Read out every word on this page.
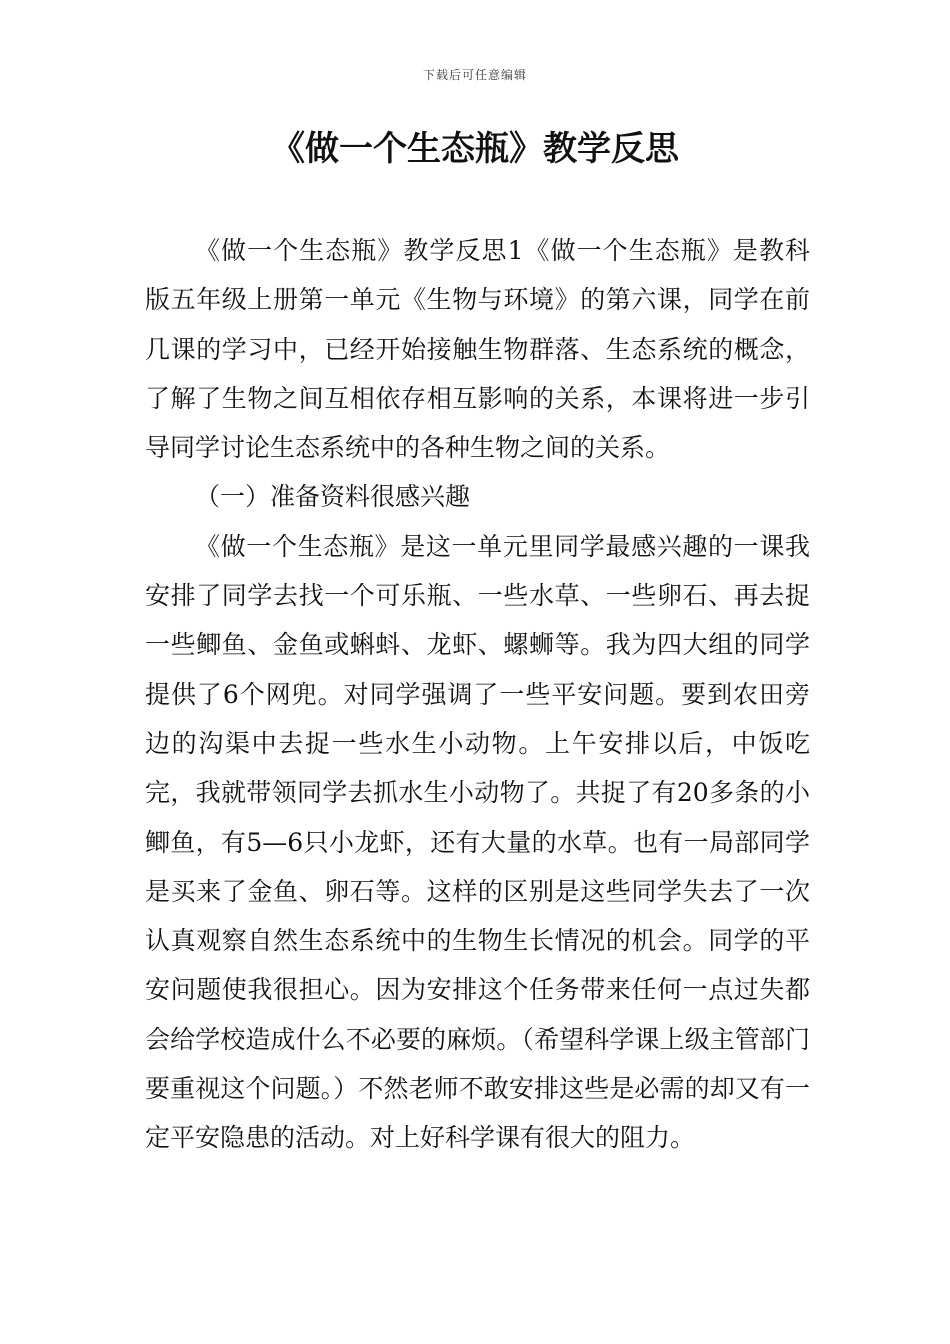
下载后可任意编辑
《做一个生态瓶》教学反思

《做一个生态瓶》教学反思1《做一个生态瓶》是教科版五年级上册第一单元《生物与环境》的第六课，同学在前几课的学习中，已经开始接触生物群落、生态系统的概念，了解了生物之间互相依存相互影响的关系，本课将进一步引导同学讨论生态系统中的各种生物之间的关系。

（一）准备资料很感兴趣

《做一个生态瓶》是这一单元里同学最感兴趣的一课我安排了同学去找一个可乐瓶、一些水草、一些卵石、再去捉一些鲫鱼、金鱼或蝌蚪、龙虾、螺蛳等。我为四大组的同学提供了6个网兜。对同学强调了一些平安问题。要到农田旁边的沟渠中去捉一些水生小动物。上午安排以后，中饭吃完，我就带领同学去抓水生小动物了。共捉了有20多条的小鲫鱼，有5—6只小龙虾，还有大量的水草。也有一局部同学是买来了金鱼、卵石等。这样的区别是这些同学失去了一次认真观察自然生态系统中的生物生长情况的机会。同学的平安问题使我很担心。因为安排这个任务带来任何一点过失都会给学校造成什么不必要的麻烦。（希望科学课上级主管部门要重视这个问题。）不然老师不敢安排这些是必需的却又有一定平安隐患的活动。对上好科学课有很大的阻力。
